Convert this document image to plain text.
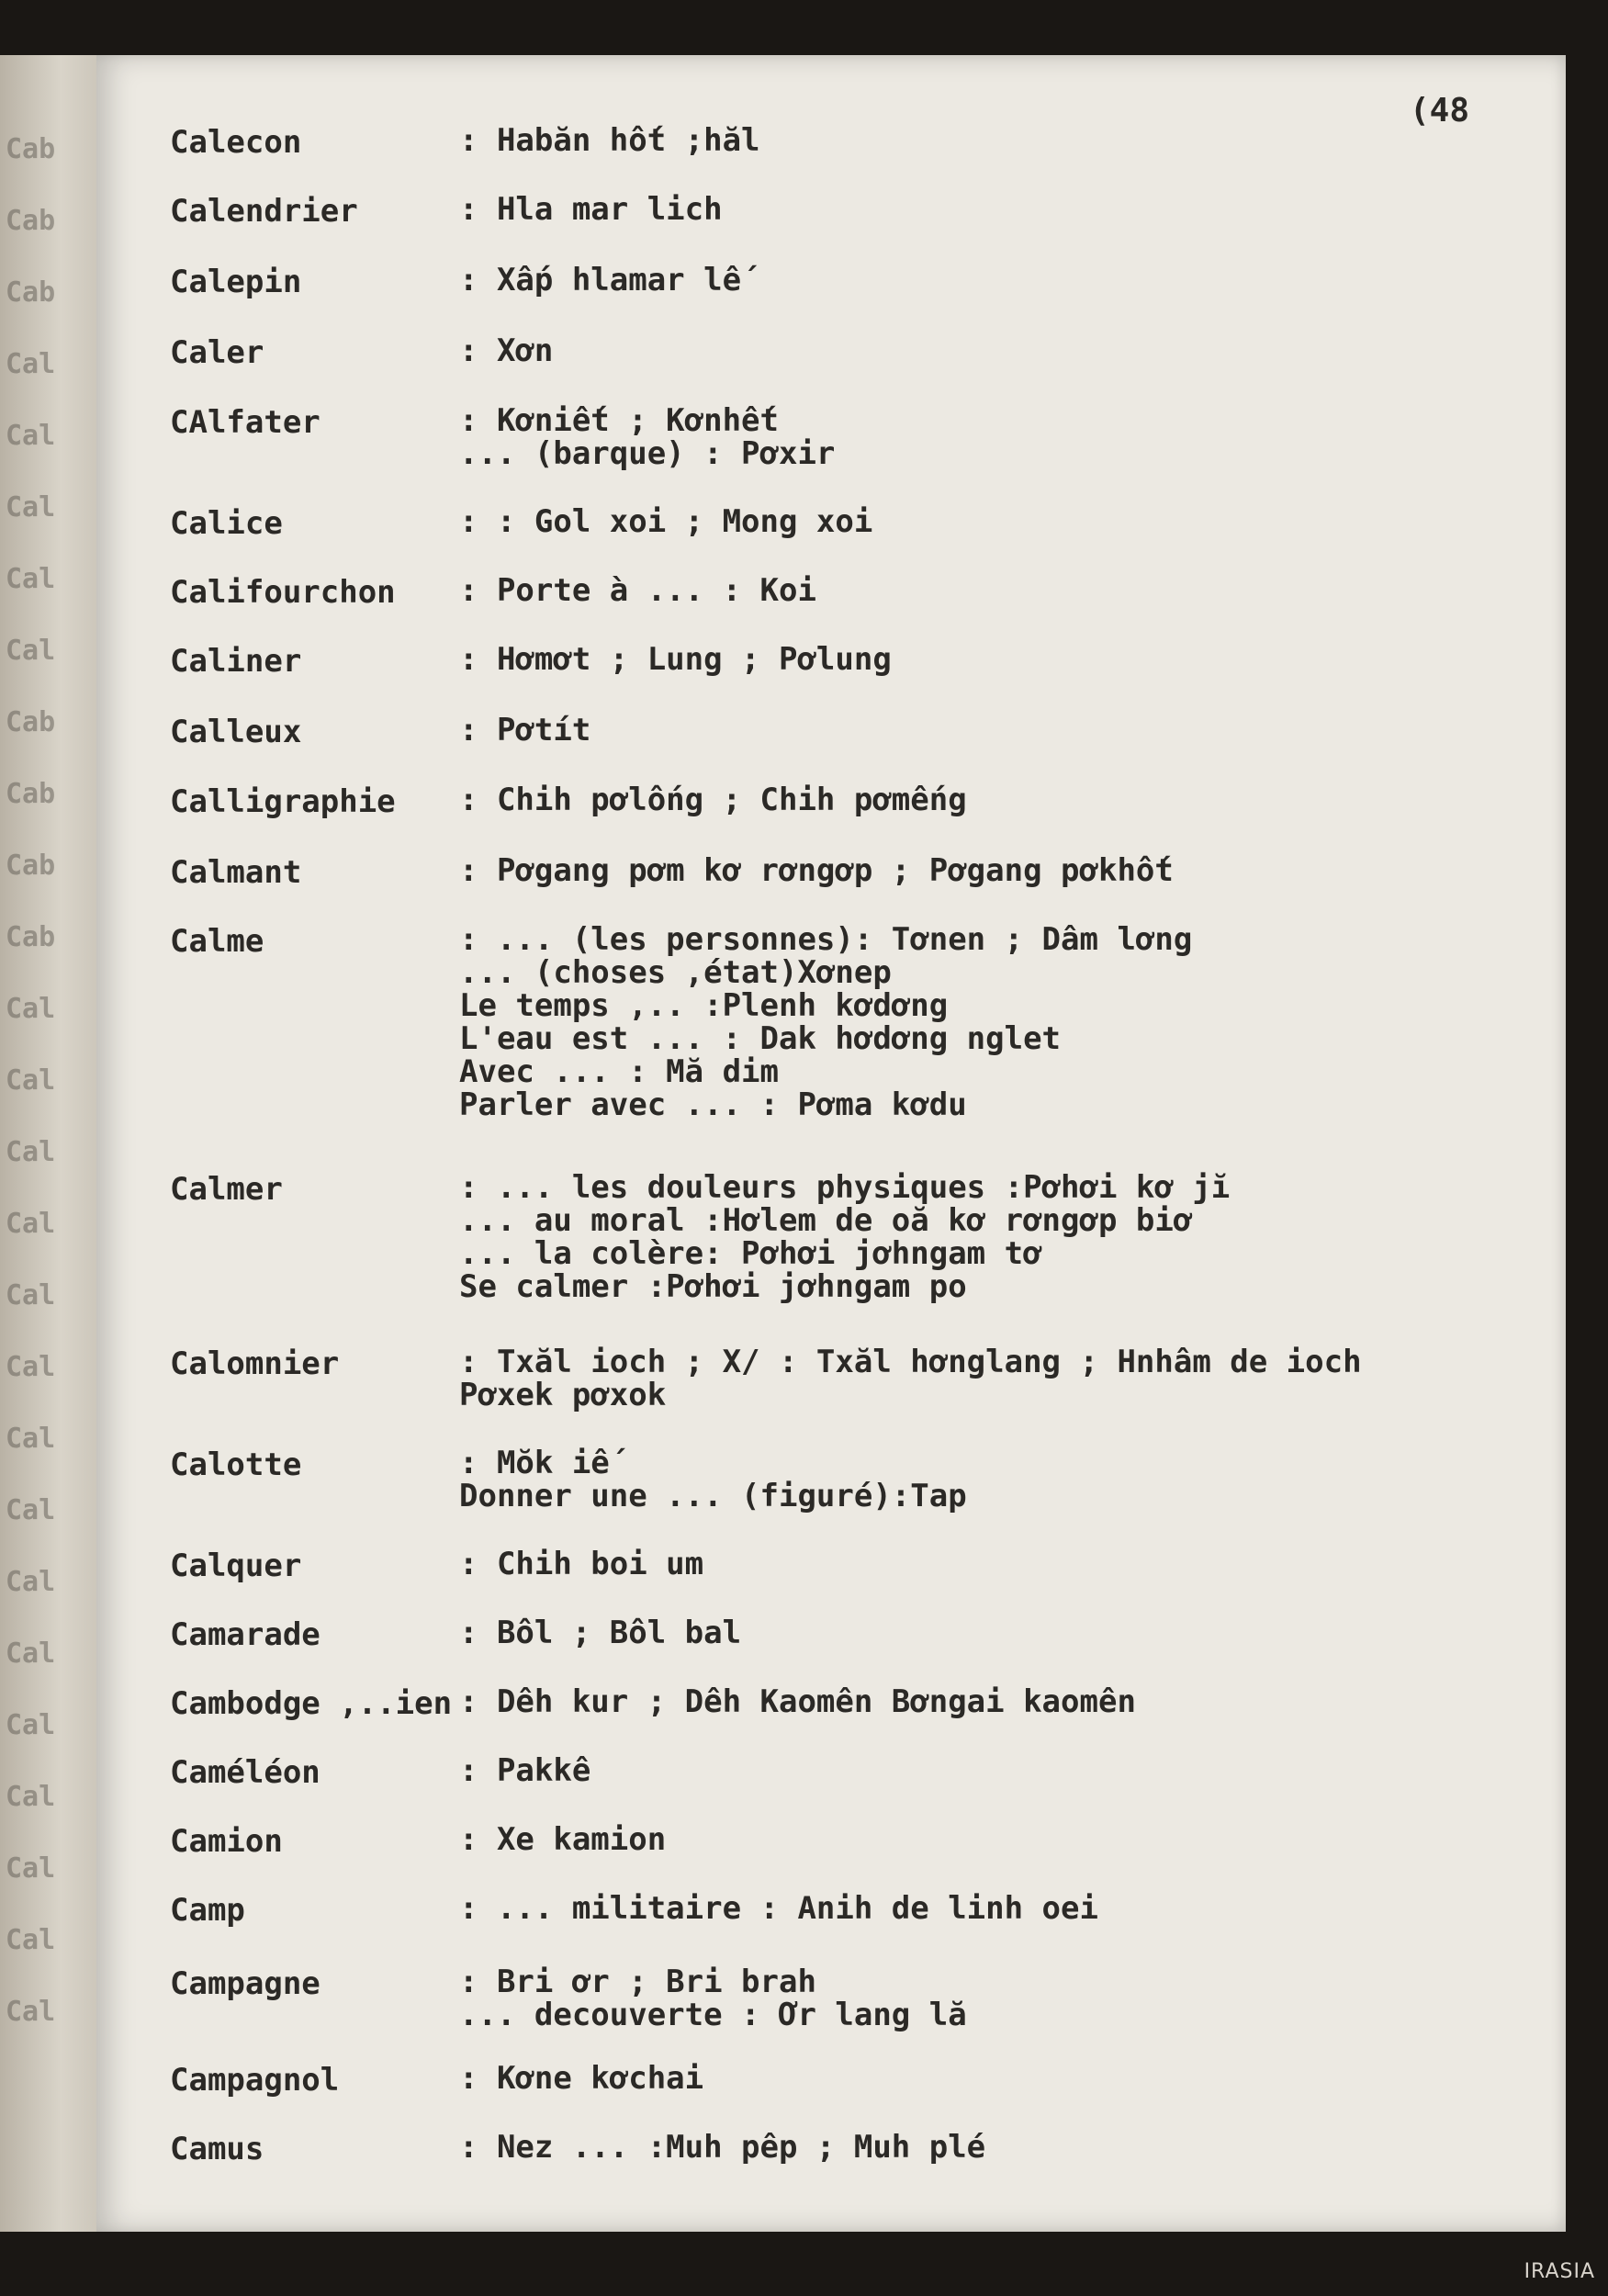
Cab
Cab
Cab
Cal
Cal
Cal
Cal
Cal
Cab
Cab
Cab
Cab
Cal
Cal
Cal
Cal
Cal
Cal
Cal
Cal
Cal
Cal
Cal
Cal
Cal
Cal
Cal
(48
Calecon	: Habăn hốt ;hăl
Calendrier	: Hla mar lich
Calepin	: Xấp hlamar lế
Caler	: Xơn
CAlfater	: Kơniết ; Kơnhết
... (barque) : Pơxir
Calice	: : Gol xoi ; Mong xoi
Califourchon	: Porte à ... : Koi
Caliner	: Hơmơt ; Lung ; Pơlung
Calleux	: Pơtít
Calligraphie	: Chih pơlống ; Chih pơmếng
Calmant	: Pơgang pơm kơ rơngơp ; Pơgang pơkhốt
Calme	: ... (les personnes): Tơnen ; Dâm lơng
... (choses ,état)Xơnep
Le temps ,.. :Plenh kơdơng
L'eau est ... : Dak hơdơng nglet
Avec ... : Mă dim
Parler avec ... : Pơma kơdu
Calmer	: ... les douleurs physiques :Pơhơi kơ jĭ
... au moral :Hơlem de oă kơ rơngơp biơ
... la colère: Pơhơi jơhngam tơ
Se calmer :Pơhơi jơhngam po
Calomnier	: Txăl ioch ; X/ : Txăl hơnglang ; Hnhâm de ioch
Pơxek pơxok
Calotte	: Mŏk iế
Donner une ... (figuré):Tap
Calquer	: Chih boi um
Camarade	: Bôl ; Bôl bal
Cambodge ,..ien : Dêh kur ; Dêh Kaomên Bơngai kaomên
Caméléon	: Pakkê
Camion	: Xe kamion
Camp	: ... militaire : Anih de linh oei
Campagne	: Bri ơr ; Bri brah
... decouverte : Ơr lang lă
Campagnol	: Kơne kơchai
Camus	: Nez ... :Muh pêp ; Muh plé
IRASIA
